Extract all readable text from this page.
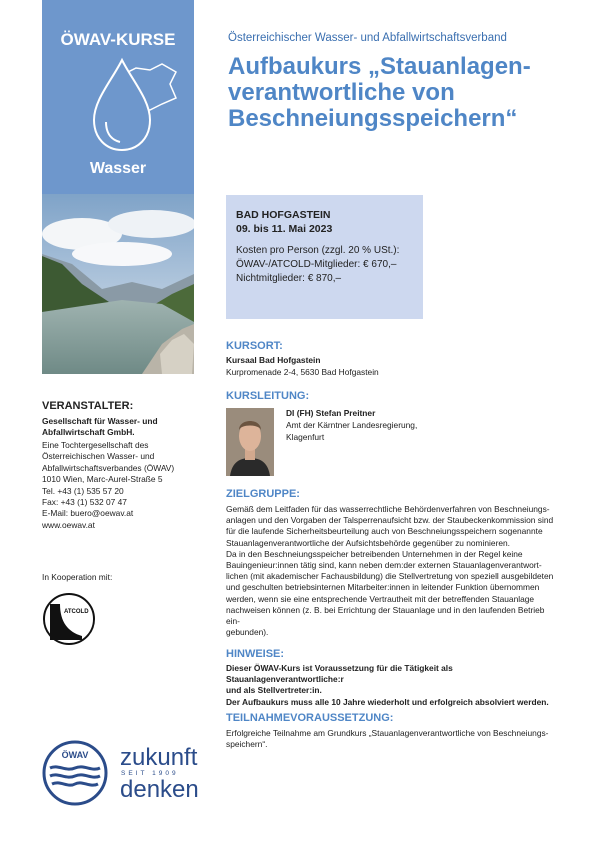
ÖWAV-KURSE
Wasser
Österreichischer Wasser- und Abfallwirtschaftsverband
Aufbaukurs „Stauanlagen-
verantwortliche von
Beschneiungsspeichern“
BAD HOFGASTEIN
09. bis 11. Mai 2023
Kosten pro Person (zzgl. 20 % USt.):
ÖWAV-/ATCOLD-Mitglieder: € 670,–
Nichtmitglieder: € 870,–
KURSORT:
Kursaal Bad Hofgastein
Kurpromenade 2-4, 5630 Bad Hofgastein
KURSLEITUNG:
DI (FH) Stefan Preitner
Amt der Kärntner Landesregierung,
Klagenfurt
ZIELGRUPPE:
Gemäß dem Leitfaden für das wasserrechtliche Behördenverfahren von Beschneiungs-
anlagen und den Vorgaben der Talsperrenaufsicht bzw. der Staubeckenkommission sind
für die laufende Sicherheitsbeurteilung auch von Beschneiungsspeichern sogenannte
Stauanlagenverantwortliche der Aufsichtsbehörde gegenüber zu nominieren.
Da in den Beschneiungsspeicher betreibenden Unternehmen in der Regel keine
Bauingenieur:innen tätig sind, kann neben dem:der externen Stauanlagenverantwort-
lichen (mit akademischer Fachausbildung) die Stellvertretung von speziell ausgebildeten
und geschulten betriebsinternen Mitarbeiter:innen in leitender Funktion übernommen
werden, wenn sie eine entsprechende Vertrautheit mit der betreffenden Stauanlage
nachweisen können (z. B. bei Errichtung der Stauanlage und in den laufenden Betrieb ein-
gebunden).
HINWEISE:
Dieser ÖWAV-Kurs ist Voraussetzung für die Tätigkeit als Stauanlagenverantwortliche:r
und als Stellvertreter:in.
Der Aufbaukurs muss alle 10 Jahre wiederholt und erfolgreich absolviert werden.
TEILNAHMEVORAUSSETZUNG:
Erfolgreiche Teilnahme am Grundkurs „Stauanlagenverantwortliche von Beschneiungs-
speichern“.
VERANSTALTER:
Gesellschaft für Wasser- und
Abfallwirtschaft GmbH.
Eine Tochtergesellschaft des
Österreichischen Wasser- und
Abfallwirtschaftsverbandes (ÖWAV)
1010 Wien, Marc-Aurel-Straße 5
Tel. +43 (1) 535 57 20
Fax: +43 (1) 532 07 47
E-Mail: buero@oewav.at
www.oewav.at
In Kooperation mit:
ATCOLD
ÖWAV zukunft
SEIT 1909
denken
